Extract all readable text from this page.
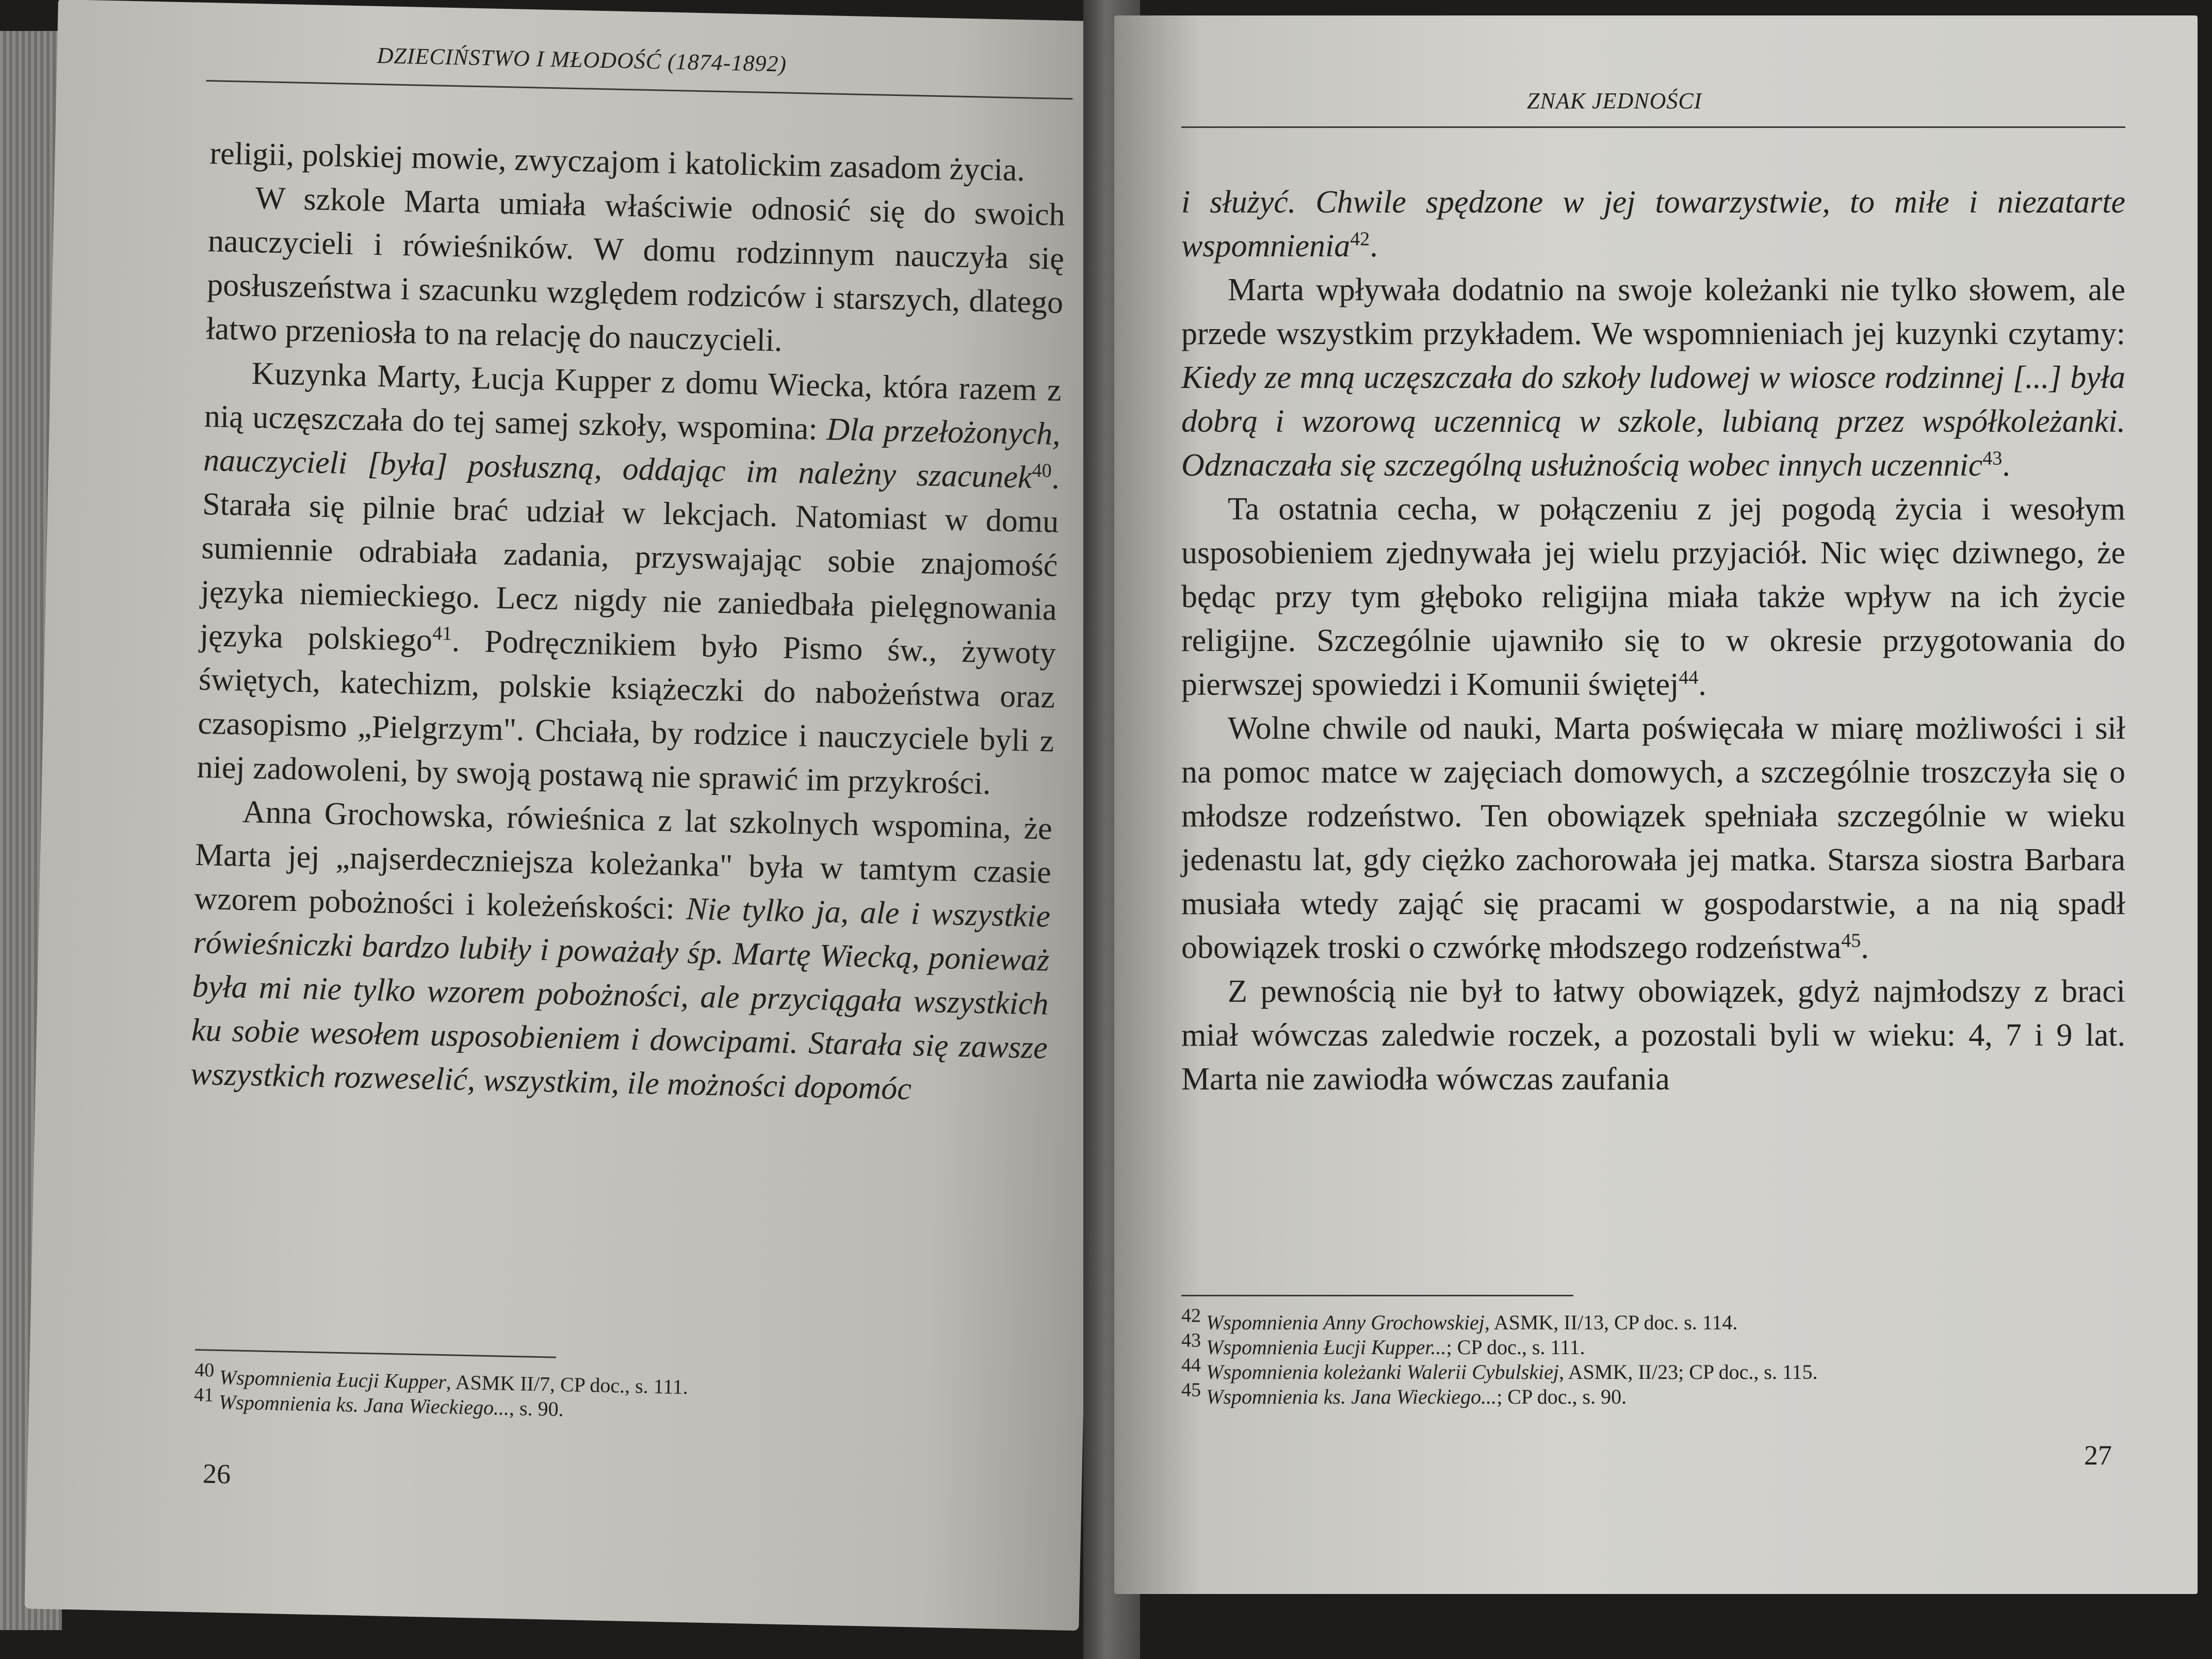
DZIECIŃSTWO I MŁODOŚĆ (1874-1892)

religii, polskiej mowie, zwyczajom i katolickim zasadom życia.

W szkole Marta umiała właściwie odnosić się do swoich nauczycieli i rówieśników. W domu rodzinnym nauczyła się posłuszeństwa i szacunku względem rodziców i starszych, dlatego łatwo przeniosła to na relację do nauczycieli.

Kuzynka Marty, Łucja Kupper z domu Wiecka, która razem z nią uczęszczała do tej samej szkoły, wspomina: Dla przełożonych, nauczycieli [była] posłuszną, oddając im należny szacunek$^{40}$. Starała się pilnie brać udział w lekcjach. Natomiast w domu sumiennie odrabiała zadania, przyswajając sobie znajomość języka niemieckiego. Lecz nigdy nie zaniedbała pielęgnowania języka polskiego$^{41}$. Podręcznikiem było Pismo św., żywoty świętych, katechizm, polskie książeczki do nabożeństwa oraz czasopismo „Pielgrzym". Chciała, by rodzice i nauczyciele byli z niej zadowoleni, by swoją postawą nie sprawić im przykrości.

Anna Grochowska, rówieśnica z lat szkolnych wspomina, że Marta jej „najserdeczniejsza koleżanka" była w tamtym czasie wzorem pobożności i koleżeńskości: Nie tylko ja, ale i wszystkie rówieśniczki bardzo lubiły i poważały śp. Martę Wiecką, ponieważ była mi nie tylko wzorem pobożności, ale przyciągała wszystkich ku sobie wesołem usposobieniem i dowcipami. Starała się zawsze wszystkich rozweselić, wszystkim, ile możności dopomóc

$^{40}$ Wspomnienia Łucji Kupper, ASMK II/7, CP doc., s. 111.
$^{41}$ Wspomnienia ks. Jana Wieckiego..., s. 90.
26
ZNAK JEDNOŚCI

i służyć. Chwile spędzone w jej towarzystwie, to miłe i niezatarte wspomnienia$^{42}$.

Marta wpływała dodatnio na swoje koleżanki nie tylko słowem, ale przede wszystkim przykładem. We wspomnieniach jej kuzynki czytamy: Kiedy ze mną uczęszczała do szkoły ludowej w wiosce rodzinnej [...] była dobrą i wzorową uczennicą w szkole, lubianą przez współkoleżanki. Odznaczała się szczególną usłużnością wobec innych uczennic$^{43}$.

Ta ostatnia cecha, w połączeniu z jej pogodą życia i wesołym usposobieniem zjednywała jej wielu przyjaciół. Nic więc dziwnego, że będąc przy tym głęboko religijna miała także wpływ na ich życie religijne. Szczególnie ujawniło się to w okresie przygotowania do pierwszej spowiedzi i Komunii świętej$^{44}$.

Wolne chwile od nauki, Marta poświęcała w miarę możliwości i sił na pomoc matce w zajęciach domowych, a szczególnie troszczyła się o młodsze rodzeństwo. Ten obowiązek spełniała szczególnie w wieku jedenastu lat, gdy ciężko zachorowała jej matka. Starsza siostra Barbara musiała wtedy zająć się pracami w gospodarstwie, a na nią spadł obowiązek troski o czwórkę młodszego rodzeństwa$^{45}$.

Z pewnością nie był to łatwy obowiązek, gdyż najmłodszy z braci miał wówczas zaledwie roczek, a pozostali byli w wieku: 4, 7 i 9 lat. Marta nie zawiodła wówczas zaufania

$^{42}$ Wspomnienia Anny Grochowskiej, ASMK, II/13, CP doc. s. 114.
$^{43}$ Wspomnienia Łucji Kupper...; CP doc., s. 111.
$^{44}$ Wspomnienia koleżanki Walerii Cybulskiej, ASMK, II/23; CP doc., s. 115.
$^{45}$ Wspomnienia ks. Jana Wieckiego...; CP doc., s. 90.
27
